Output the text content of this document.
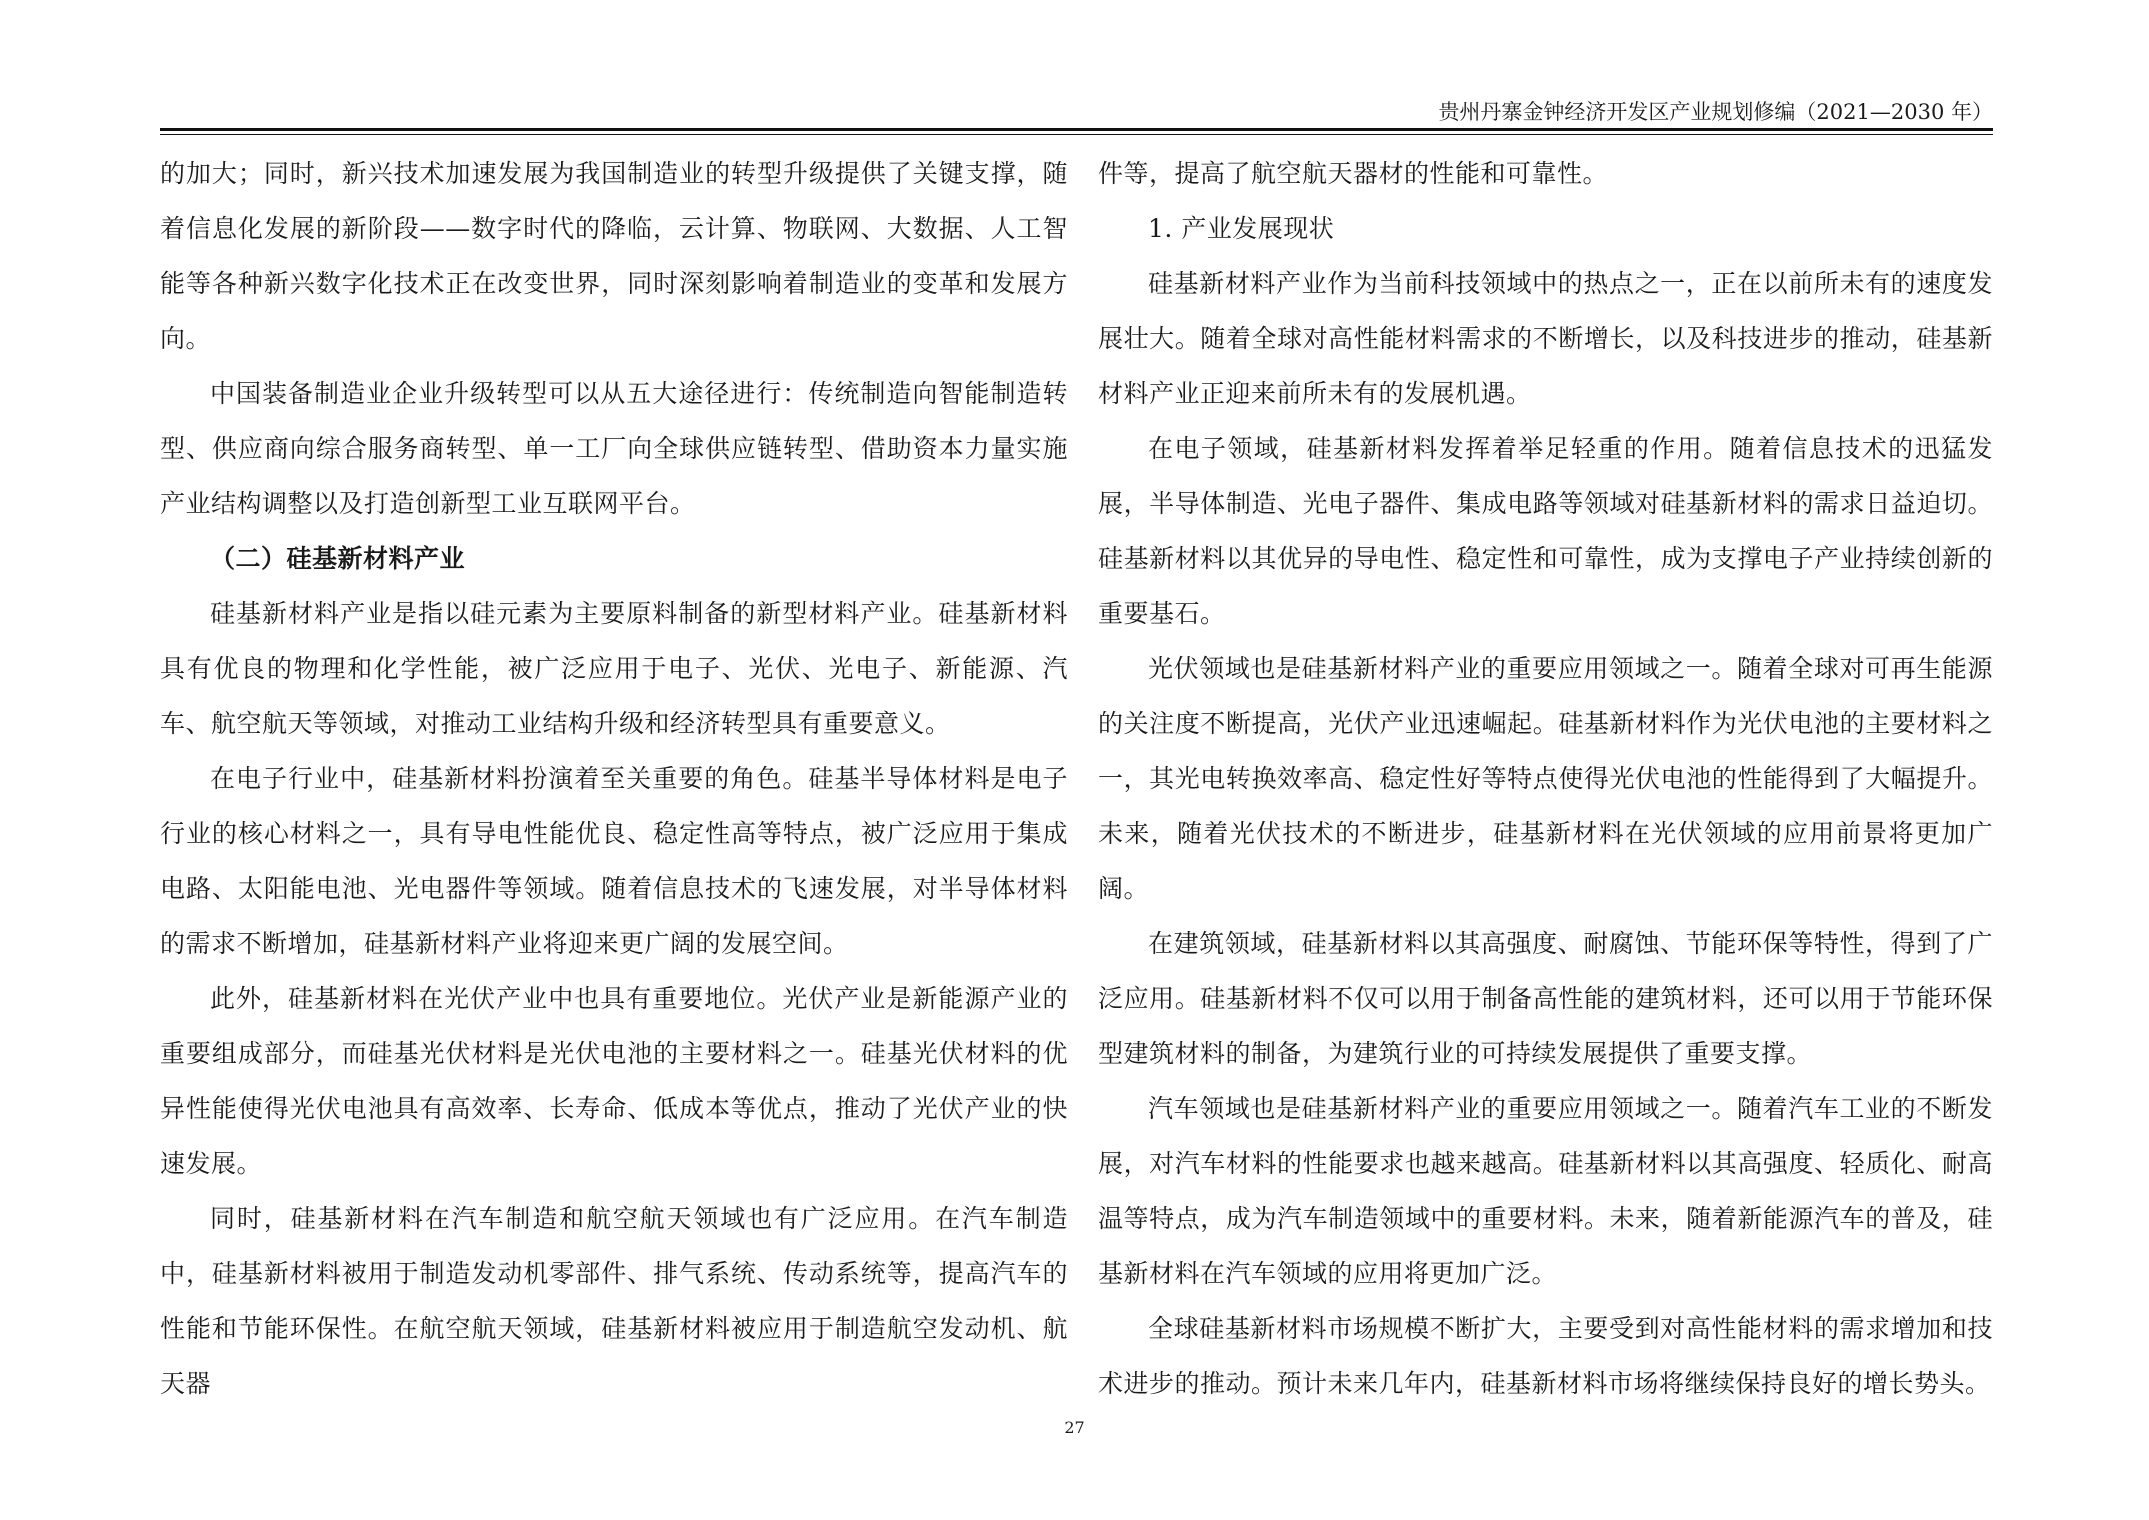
贵州丹寨金钟经济开发区产业规划修编（2021—2030 年）

的加大；同时，新兴技术加速发展为我国制造业的转型升级提供了关键支撑，随着信息化发展的新阶段——数字时代的降临，云计算、物联网、大数据、人工智能等各种新兴数字化技术正在改变世界，同时深刻影响着制造业的变革和发展方向。

中国装备制造业企业升级转型可以从五大途径进行：传统制造向智能制造转型、供应商向综合服务商转型、单一工厂向全球供应链转型、借助资本力量实施产业结构调整以及打造创新型工业互联网平台。

（二）硅基新材料产业

硅基新材料产业是指以硅元素为主要原料制备的新型材料产业。硅基新材料具有优良的物理和化学性能，被广泛应用于电子、光伏、光电子、新能源、汽车、航空航天等领域，对推动工业结构升级和经济转型具有重要意义。

在电子行业中，硅基新材料扮演着至关重要的角色。硅基半导体材料是电子行业的核心材料之一，具有导电性能优良、稳定性高等特点，被广泛应用于集成电路、太阳能电池、光电器件等领域。随着信息技术的飞速发展，对半导体材料的需求不断增加，硅基新材料产业将迎来更广阔的发展空间。

此外，硅基新材料在光伏产业中也具有重要地位。光伏产业是新能源产业的重要组成部分，而硅基光伏材料是光伏电池的主要材料之一。硅基光伏材料的优异性能使得光伏电池具有高效率、长寿命、低成本等优点，推动了光伏产业的快速发展。

同时，硅基新材料在汽车制造和航空航天领域也有广泛应用。在汽车制造中，硅基新材料被用于制造发动机零部件、排气系统、传动系统等，提高汽车的性能和节能环保性。在航空航天领域，硅基新材料被应用于制造航空发动机、航天器

件等，提高了航空航天器材的性能和可靠性。

1. 产业发展现状

硅基新材料产业作为当前科技领域中的热点之一，正在以前所未有的速度发展壮大。随着全球对高性能材料需求的不断增长，以及科技进步的推动，硅基新材料产业正迎来前所未有的发展机遇。

在电子领域，硅基新材料发挥着举足轻重的作用。随着信息技术的迅猛发展，半导体制造、光电子器件、集成电路等领域对硅基新材料的需求日益迫切。硅基新材料以其优异的导电性、稳定性和可靠性，成为支撑电子产业持续创新的重要基石。

光伏领域也是硅基新材料产业的重要应用领域之一。随着全球对可再生能源的关注度不断提高，光伏产业迅速崛起。硅基新材料作为光伏电池的主要材料之一，其光电转换效率高、稳定性好等特点使得光伏电池的性能得到了大幅提升。未来，随着光伏技术的不断进步，硅基新材料在光伏领域的应用前景将更加广阔。

在建筑领域，硅基新材料以其高强度、耐腐蚀、节能环保等特性，得到了广泛应用。硅基新材料不仅可以用于制备高性能的建筑材料，还可以用于节能环保型建筑材料的制备，为建筑行业的可持续发展提供了重要支撑。

汽车领域也是硅基新材料产业的重要应用领域之一。随着汽车工业的不断发展，对汽车材料的性能要求也越来越高。硅基新材料以其高强度、轻质化、耐高温等特点，成为汽车制造领域中的重要材料。未来，随着新能源汽车的普及，硅基新材料在汽车领域的应用将更加广泛。

全球硅基新材料市场规模不断扩大，主要受到对高性能材料的需求增加和技术进步的推动。预计未来几年内，硅基新材料市场将继续保持良好的增长势头。

27
